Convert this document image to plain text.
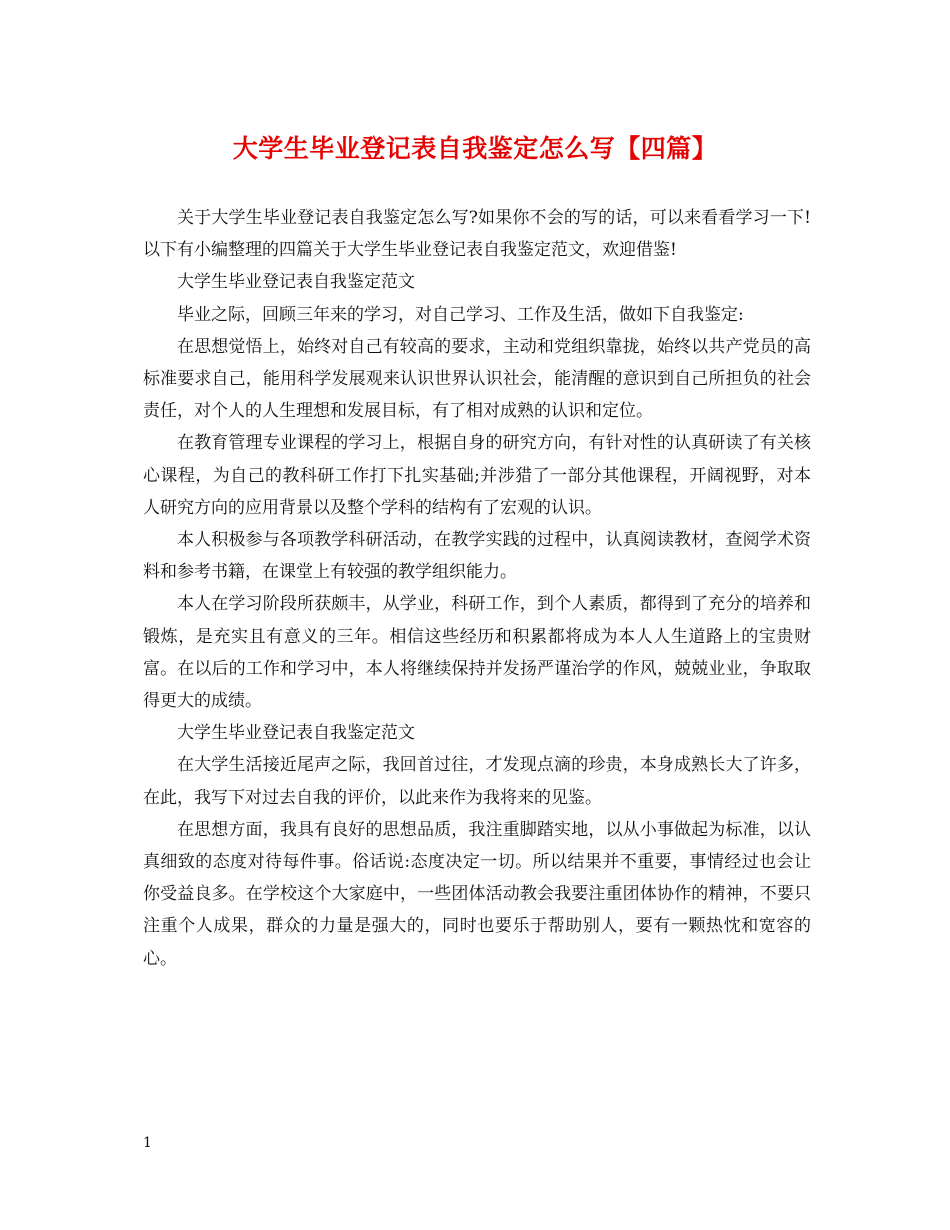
大学生毕业登记表自我鉴定怎么写【四篇】

关于大学生毕业登记表自我鉴定怎么写?如果你不会的写的话，可以来看看学习一下!以下有小编整理的四篇关于大学生毕业登记表自我鉴定范文，欢迎借鉴!

大学生毕业登记表自我鉴定范文

毕业之际，回顾三年来的学习，对自己学习、工作及生活，做如下自我鉴定:

在思想觉悟上，始终对自己有较高的要求，主动和党组织靠拢，始终以共产党员的高标准要求自己，能用科学发展观来认识世界认识社会，能清醒的意识到自己所担负的社会责任，对个人的人生理想和发展目标，有了相对成熟的认识和定位。

在教育管理专业课程的学习上，根据自身的研究方向，有针对性的认真研读了有关核心课程，为自己的教科研工作打下扎实基础;并涉猎了一部分其他课程，开阔视野，对本人研究方向的应用背景以及整个学科的结构有了宏观的认识。

本人积极参与各项教学科研活动，在教学实践的过程中，认真阅读教材，查阅学术资料和参考书籍，在课堂上有较强的教学组织能力。

本人在学习阶段所获颇丰，从学业，科研工作，到个人素质，都得到了充分的培养和锻炼，是充实且有意义的三年。相信这些经历和积累都将成为本人人生道路上的宝贵财富。在以后的工作和学习中，本人将继续保持并发扬严谨治学的作风，兢兢业业，争取取得更大的成绩。

大学生毕业登记表自我鉴定范文

在大学生活接近尾声之际，我回首过往，才发现点滴的珍贵，本身成熟长大了许多，在此，我写下对过去自我的评价，以此来作为我将来的见鉴。

在思想方面，我具有良好的思想品质，我注重脚踏实地，以从小事做起为标准，以认真细致的态度对待每件事。俗话说:态度决定一切。所以结果并不重要，事情经过也会让你受益良多。在学校这个大家庭中，一些团体活动教会我要注重团体协作的精神，不要只注重个人成果，群众的力量是强大的，同时也要乐于帮助别人，要有一颗热忱和宽容的心。

1
